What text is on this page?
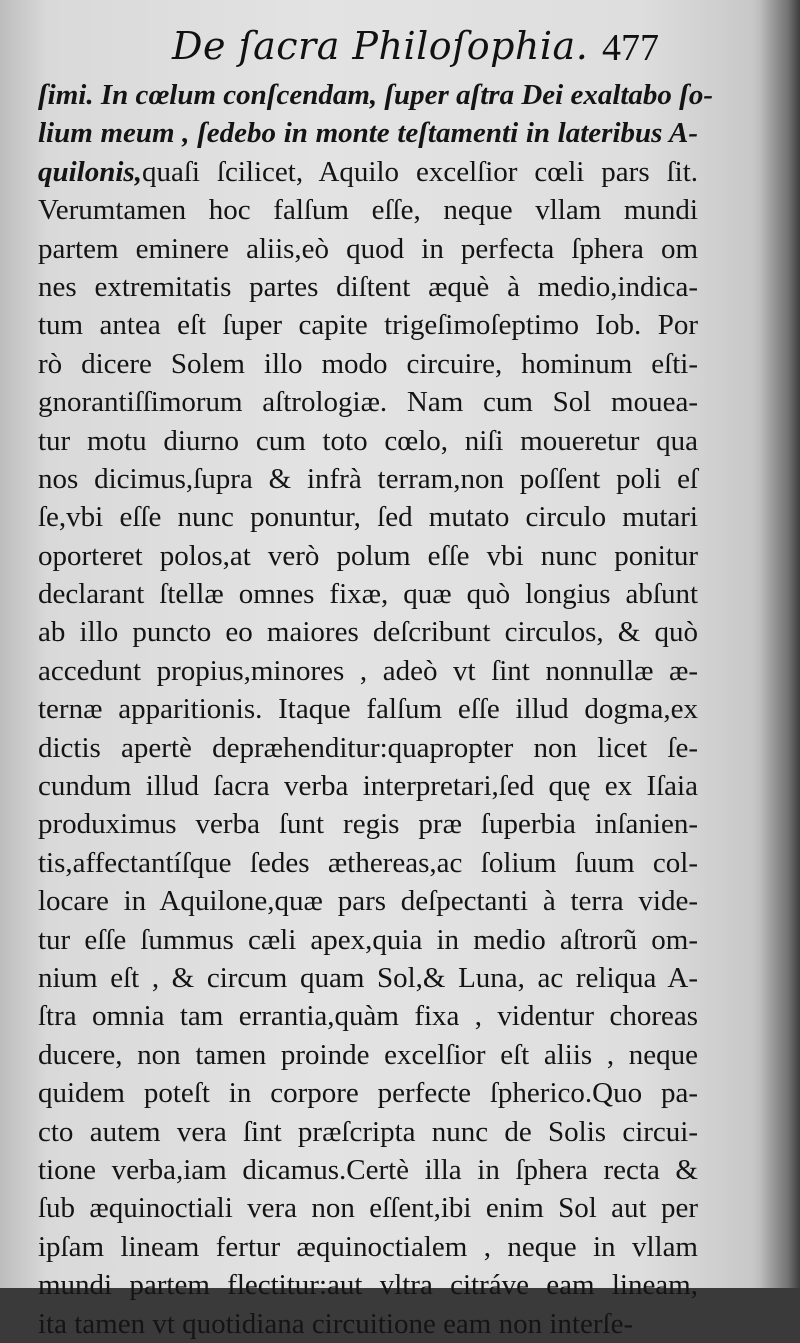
De ſacra Philoſophia. 477
ſimi. In cœlum conſcendam, ſuper aſtra Dei exaltabo ſo-
lium meum , ſedebo in monte teſtamenti in lateribus A-
quilonis,quaſi ſcilicet, Aquilo excelſior cœli pars ſit.
Verumtamen hoc falſum eſſe, neque vllam mundi
partem eminere aliis,eò quod in perfecta ſphera om
nes extremitatis partes diſtent æquè à medio,indica-
tum antea eſt ſuper capite trigeſimoſeptimo Iob. Por
rò dicere Solem illo modo circuire, hominum eſti-
gnorantiſſimorum aſtrologiæ. Nam cum Sol moueа-
tur motu diurno cum toto cœlo, niſi moueretur qua
nos dicimus,ſupra & infrà terram,non poſſent poli eſ
ſe,vbi eſſe nunc ponuntur, ſed mutato circulo mutari
oporteret polos,at verò polum eſſe vbi nunc ponitur
declarant ſtellæ omnes fixæ, quæ quò longius abſunt
ab illo puncto eo maiores deſcribunt circulos, & quò
accedunt propius,minores , adeò vt ſint nonnullæ æ-
ternæ apparitionis. Itaque falſum eſſe illud dogma,ex
dictis apertè depræhenditur:quapropter non licet ſe-
cundum illud ſacra verba interpretari,ſed quę ex Iſaia
produximus verba ſunt regis præ ſuperbia inſanien-
tis,affectantíſque ſedes æthereas,ac ſolium ſuum col-
locare in Aquilone,quæ pars deſpectanti à terra vide-
tur eſſe ſummus cæli apex,quia in medio aſtrorũ om-
nium eſt , & circum quam Sol,& Luna, ac reliqua A-
ſtra omnia tam errantia,quàm fixa , videntur choreas
ducere, non tamen proinde excelſior eſt aliis , neque
quidem poteſt in corpore perfecte ſpherico.Quo pa-
cto autem vera ſint præſcripta nunc de Solis circui-
tione verba,iam dicamus.Certè illa in ſphera recta &
ſub æquinoctiali vera non eſſent,ibi enim Sol aut per
ipſam lineam fertur æquinoctialem , neque in vllam
mundi partem flectitur:aut vltra citráve eam lineam,
ita tamen vt quotidiana circuitione eam non interſe-
